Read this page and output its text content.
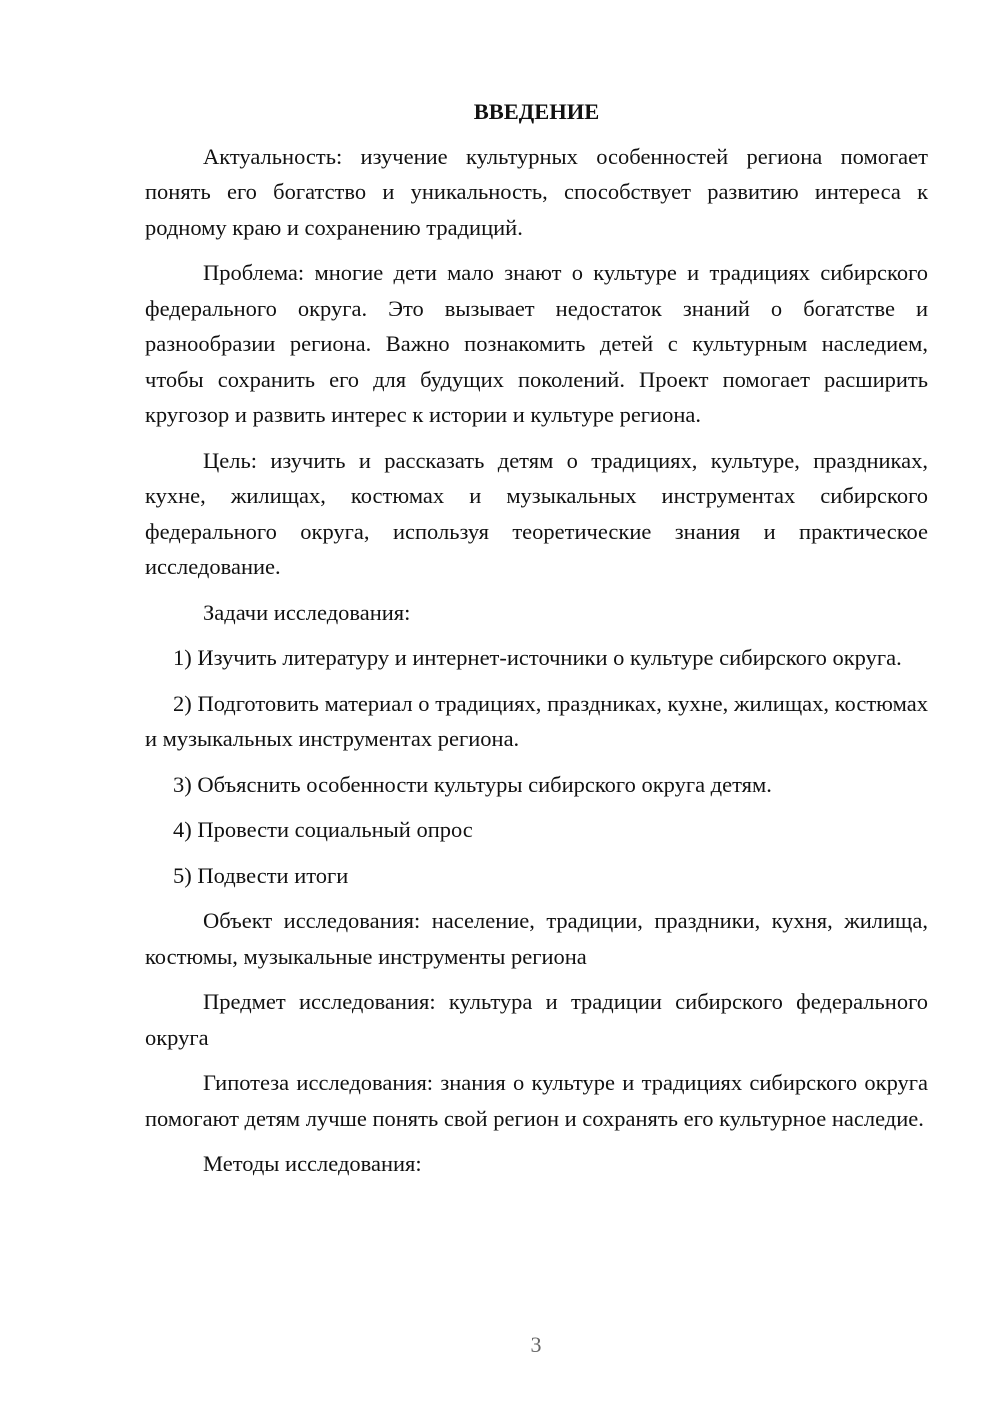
ВВЕДЕНИЕ

Актуальность: изучение культурных особенностей региона помогает понять его богатство и уникальность, способствует развитию интереса к родному краю и сохранению традиций.

Проблема: многие дети мало знают о культуре и традициях сибирского федерального округа. Это вызывает недостаток знаний о богатстве и разнообразии региона. Важно познакомить детей с культурным наследием, чтобы сохранить его для будущих поколений. Проект помогает расширить кругозор и развить интерес к истории и культуре региона.

Цель: изучить и рассказать детям о традициях, культуре, праздниках, кухне, жилищах, костюмах и музыкальных инструментах сибирского федерального округа, используя теоретические знания и практическое исследование.

Задачи исследования:

1) Изучить литературу и интернет-источники о культуре сибирского округа.

2) Подготовить материал о традициях, праздниках, кухне, жилищах, костюмах и музыкальных инструментах региона.

3) Объяснить особенности культуры сибирского округа детям.

4) Провести социальный опрос

5) Подвести итоги

Объект исследования: население, традиции, праздники, кухня, жилища, костюмы, музыкальные инструменты региона

Предмет исследования: культура и традиции сибирского федерального округа

Гипотеза исследования: знания о культуре и традициях сибирского округа помогают детям лучше понять свой регион и сохранять его культурное наследие.

Методы исследования:

3
